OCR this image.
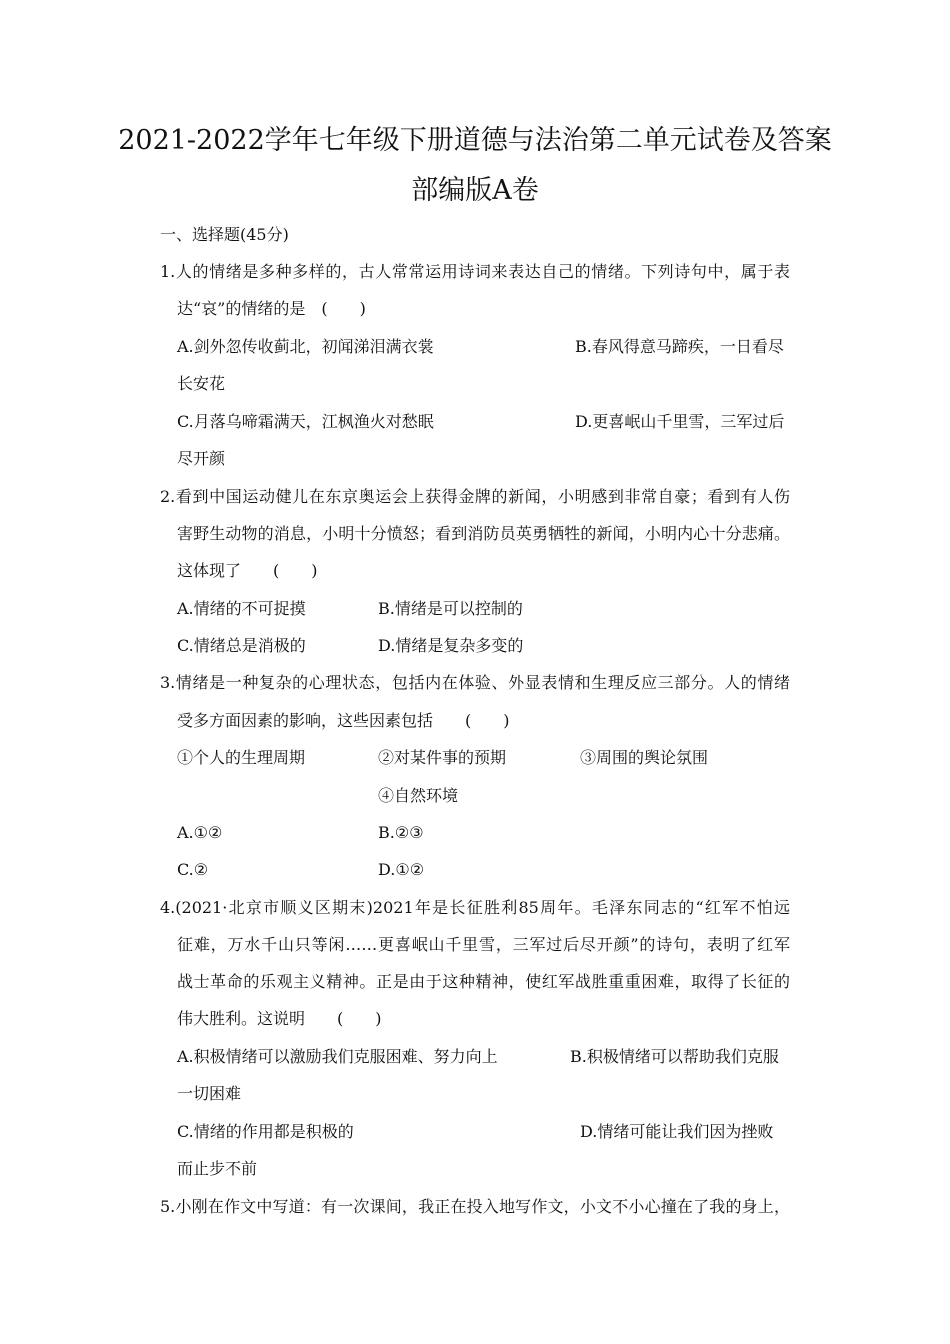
2021-2022学年七年级下册道德与法治第二单元试卷及答案
部编版A卷
一、选择题(45分)
1.人的情绪是多种多样的，古人常常运用诗词来表达自己的情绪。下列诗句中，属于表
达“哀”的情绪的是　(　　)
A.剑外忽传收蓟北，初闻涕泪满衣裳	B.春风得意马蹄疾，一日看尽
长安花
C.月落乌啼霜满天，江枫渔火对愁眠	D.更喜岷山千里雪，三军过后
尽开颜
2.看到中国运动健儿在东京奥运会上获得金牌的新闻，小明感到非常自豪；看到有人伤
害野生动物的消息，小明十分愤怒；看到消防员英勇牺牲的新闻，小明内心十分悲痛。
这体现了　　(　　)
A.情绪的不可捉摸	B.情绪是可以控制的
C.情绪总是消极的	D.情绪是复杂多变的
3.情绪是一种复杂的心理状态，包括内在体验、外显表情和生理反应三部分。人的情绪
受多方面因素的影响，这些因素包括　　(　　)
①个人的生理周期	②对某件事的预期	③周围的舆论氛围
④自然环境
A.①②	B.②③
C.②	D.①②
4.(2021·北京市顺义区期末)2021年是长征胜利85周年。毛泽东同志的“红军不怕远
征难，万水千山只等闲……更喜岷山千里雪，三军过后尽开颜”的诗句，表明了红军
战士革命的乐观主义精神。正是由于这种精神，使红军战胜重重困难，取得了长征的
伟大胜利。这说明　　(　　)
A.积极情绪可以激励我们克服困难、努力向上	B.积极情绪可以帮助我们克服
一切困难
C.情绪的作用都是积极的	D.情绪可能让我们因为挫败
而止步不前
5.小刚在作文中写道：有一次课间，我正在投入地写作文，小文不小心撞在了我的身上，
